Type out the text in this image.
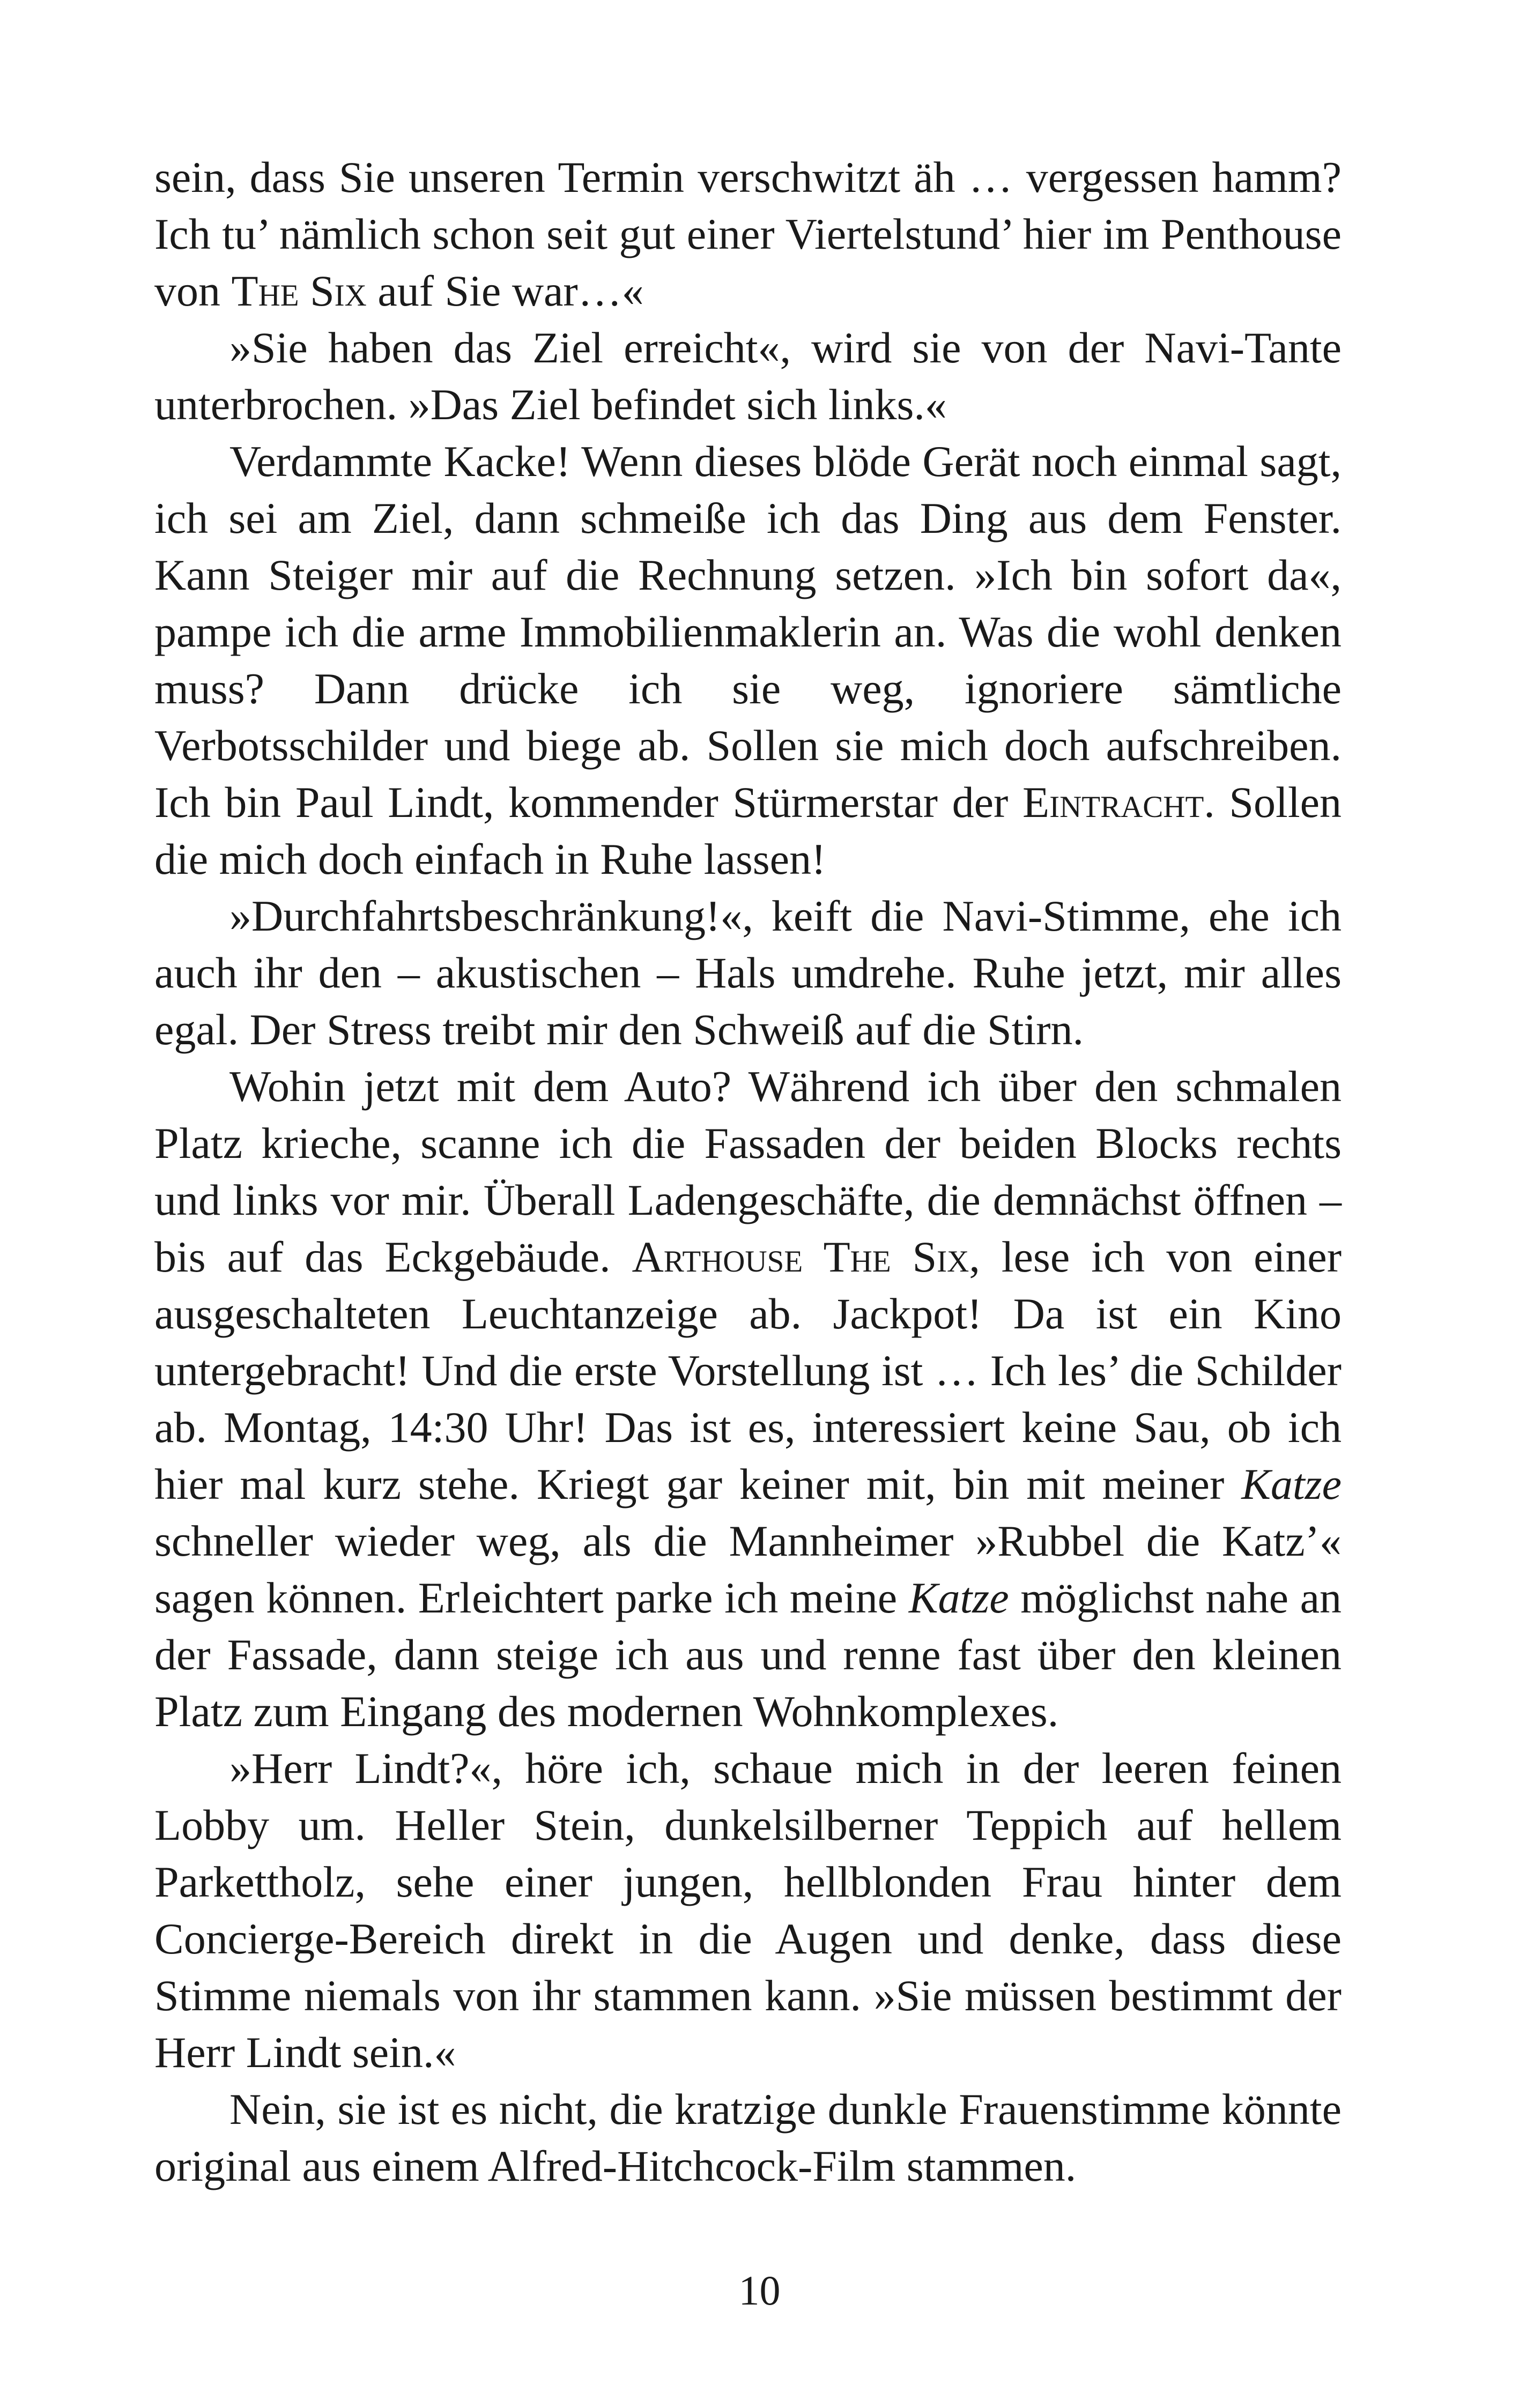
sein, dass Sie unseren Termin verschwitzt äh … vergessen hamm? Ich tu’ nämlich schon seit gut einer Viertelstund’ hier im Penthouse von The Six auf Sie war…«

»Sie haben das Ziel erreicht«, wird sie von der Navi-Tante unterbrochen. »Das Ziel befindet sich links.«

Verdammte Kacke! Wenn dieses blöde Gerät noch einmal sagt, ich sei am Ziel, dann schmeiße ich das Ding aus dem Fenster. Kann Steiger mir auf die Rechnung setzen. »Ich bin sofort da«, pampe ich die arme Immobilienmaklerin an. Was die wohl denken muss? Dann drücke ich sie weg, ignoriere sämtliche Verbotsschilder und biege ab. Sollen sie mich doch aufschreiben. Ich bin Paul Lindt, kommender Stürmerstar der Eintracht. Sollen die mich doch einfach in Ruhe lassen!

»Durchfahrtsbeschränkung!«, keift die Navi-Stimme, ehe ich auch ihr den – akustischen – Hals umdrehe. Ruhe jetzt, mir alles egal. Der Stress treibt mir den Schweiß auf die Stirn.

Wohin jetzt mit dem Auto? Während ich über den schmalen Platz krieche, scanne ich die Fassaden der beiden Blocks rechts und links vor mir. Überall Ladengeschäfte, die demnächst öffnen – bis auf das Eckgebäude. Arthouse The Six, lese ich von einer ausgeschalteten Leuchtanzeige ab. Jackpot! Da ist ein Kino untergebracht! Und die erste Vorstellung ist … Ich les’ die Schilder ab. Montag, 14:30 Uhr! Das ist es, interessiert keine Sau, ob ich hier mal kurz stehe. Kriegt gar keiner mit, bin mit meiner Katze schneller wieder weg, als die Mannheimer »Rubbel die Katz’« sagen können. Erleichtert parke ich meine Katze möglichst nahe an der Fassade, dann steige ich aus und renne fast über den kleinen Platz zum Eingang des modernen Wohnkomplexes.

»Herr Lindt?«, höre ich, schaue mich in der leeren feinen Lobby um. Heller Stein, dunkelsilberner Teppich auf hellem Parkettholz, sehe einer jungen, hellblonden Frau hinter dem Concierge-Bereich direkt in die Augen und denke, dass diese Stimme niemals von ihr stammen kann. »Sie müssen bestimmt der Herr Lindt sein.«

Nein, sie ist es nicht, die kratzige dunkle Frauenstimme könnte original aus einem Alfred-Hitchcock-Film stammen.

10
